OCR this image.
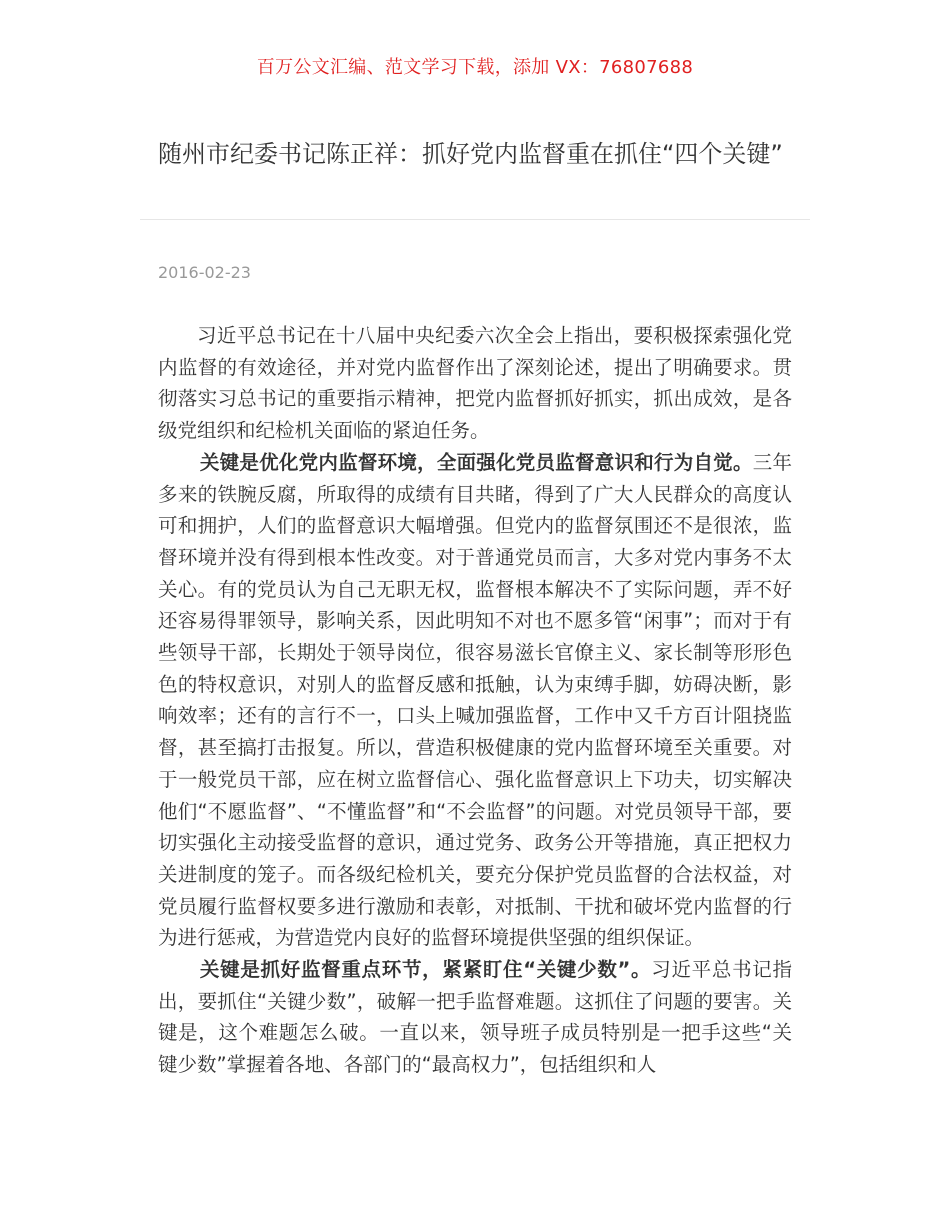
百万公文汇编、范文学习下载，添加 VX：76807688
随州市纪委书记陈正祥：抓好党内监督重在抓住“四个关键”
2016-02-23

习近平总书记在十八届中央纪委六次全会上指出，要积极探索强化党内监督的有效途径，并对党内监督作出了深刻论述，提出了明确要求。贯彻落实习总书记的重要指示精神，把党内监督抓好抓实，抓出成效，是各级党组织和纪检机关面临的紧迫任务。

关键是优化党内监督环境，全面强化党员监督意识和行为自觉。三年多来的铁腕反腐，所取得的成绩有目共睹，得到了广大人民群众的高度认可和拥护，人们的监督意识大幅增强。但党内的监督氛围还不是很浓，监督环境并没有得到根本性改变。对于普通党员而言，大多对党内事务不太关心。有的党员认为自己无职无权，监督根本解决不了实际问题，弄不好还容易得罪领导，影响关系，因此明知不对也不愿多管“闲事”；而对于有些领导干部，长期处于领导岗位，很容易滋长官僚主义、家长制等形形色色的特权意识，对别人的监督反感和抵触，认为束缚手脚，妨碍决断，影响效率；还有的言行不一，口头上喊加强监督，工作中又千方百计阻挠监督，甚至搞打击报复。所以，营造积极健康的党内监督环境至关重要。对于一般党员干部，应在树立监督信心、强化监督意识上下功夫，切实解决他们“不愿监督”、“不懂监督”和“不会监督”的问题。对党员领导干部，要切实强化主动接受监督的意识，通过党务、政务公开等措施，真正把权力关进制度的笼子。而各级纪检机关，要充分保护党员监督的合法权益，对党员履行监督权要多进行激励和表彰，对抵制、干扰和破坏党内监督的行为进行惩戒，为营造党内良好的监督环境提供坚强的组织保证。

关键是抓好监督重点环节，紧紧盯住“关键少数”。习近平总书记指出，要抓住“关键少数”，破解一把手监督难题。这抓住了问题的要害。关键是，这个难题怎么破。一直以来，领导班子成员特别是一把手这些“关键少数”掌握着各地、各部门的“最高权力”，包括组织和人
